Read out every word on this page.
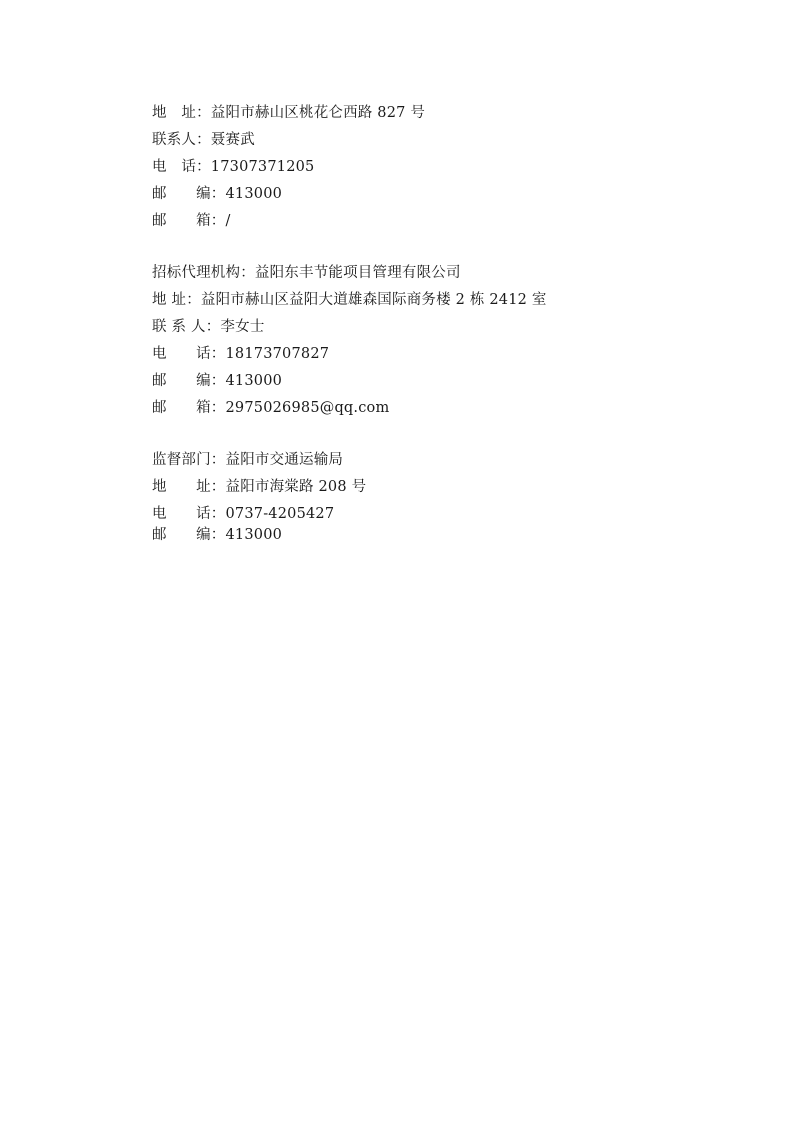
地　址：益阳市赫山区桃花仑西路 827 号
联系人：聂赛武
电　话：17307371205
邮　　编：413000
邮　　箱：/
招标代理机构：益阳东丰节能项目管理有限公司
地 址：益阳市赫山区益阳大道雄森国际商务楼 2 栋 2412 室
联 系 人：李女士
电　　话：18173707827
邮　　编：413000
邮　　箱：2975026985@qq.com
监督部门：益阳市交通运输局
地　　址：益阳市海棠路 208 号
电　　话：0737-4205427
邮　　编：413000
